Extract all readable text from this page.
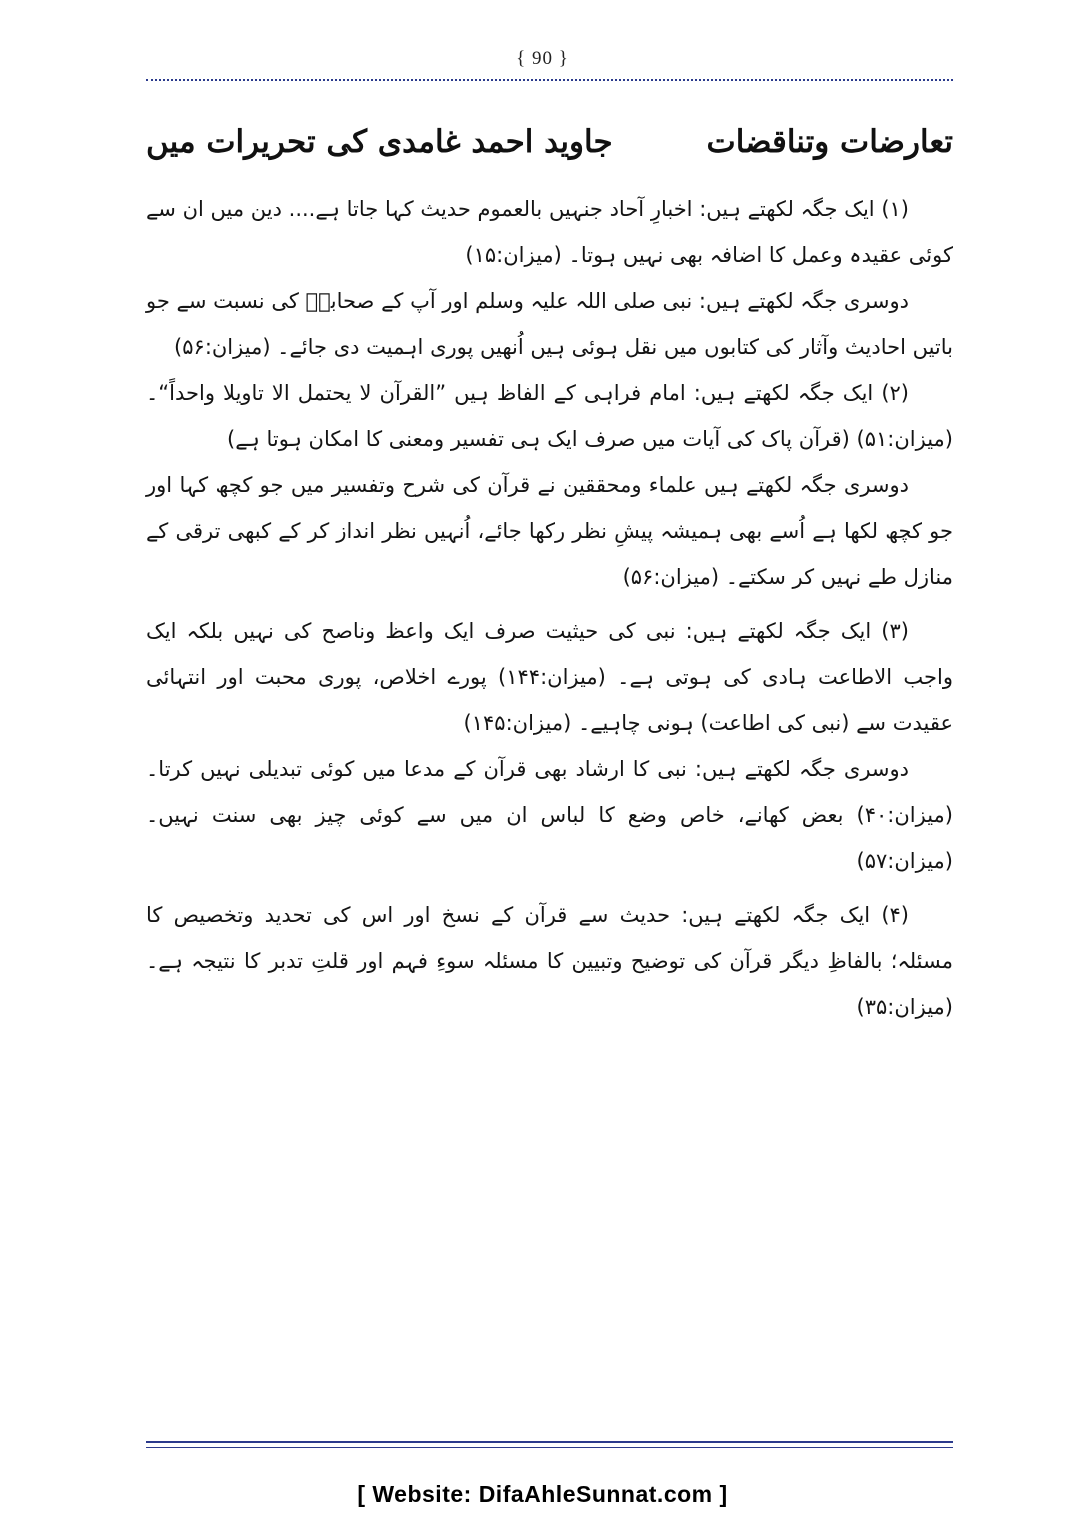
{ 90 }
تعارضات وتناقضات
جاوید احمد غامدی کی تحریرات میں

(۱) ایک جگہ لکھتے ہیں: اخبارِ آحاد جنہیں بالعموم حدیث کہا جاتا ہے.... دین میں ان سے کوئی عقیدہ وعمل کا اضافہ بھی نہیں ہوتا۔ (میزان:۱۵)

دوسری جگہ لکھتے ہیں: نبی صلی اللہ علیہ وسلم اور آپ کے صحابہؓ کی نسبت سے جو باتیں احادیث وآثار کی کتابوں میں نقل ہوئی ہیں اُنھیں پوری اہمیت دی جائے۔ (میزان:۵۶)

(۲) ایک جگہ لکھتے ہیں: امام فراہی کے الفاظ ہیں ”القرآن لا یحتمل الا تاویلا واحداً“۔ (میزان:۵۱) (قرآن پاک کی آیات میں صرف ایک ہی تفسیر ومعنی کا امکان ہوتا ہے)

دوسری جگہ لکھتے ہیں علماء ومحققین نے قرآن کی شرح وتفسیر میں جو کچھ کہا اور جو کچھ لکھا ہے اُسے بھی ہمیشہ پیشِ نظر رکھا جائے، اُنہیں نظر انداز کر کے کبھی ترقی کے منازل طے نہیں کر سکتے۔ (میزان:۵۶)

(۳) ایک جگہ لکھتے ہیں: نبی کی حیثیت صرف ایک واعظ وناصح کی نہیں بلکہ ایک واجب الاطاعت ہادی کی ہوتی ہے۔ (میزان:۱۴۴) پورے اخلاص، پوری محبت اور انتہائی عقیدت سے (نبی کی اطاعت) ہونی چاہیے۔ (میزان:۱۴۵)

دوسری جگہ لکھتے ہیں: نبی کا ارشاد بھی قرآن کے مدعا میں کوئی تبدیلی نہیں کرتا۔ (میزان:۴۰) بعض کھانے، خاص وضع کا لباس ان میں سے کوئی چیز بھی سنت نہیں۔ (میزان:۵۷)

(۴) ایک جگہ لکھتے ہیں: حدیث سے قرآن کے نسخ اور اس کی تحدید وتخصیص کا مسئلہ؛ بالفاظِ دیگر قرآن کی توضیح وتبیین کا مسئلہ سوءِ فہم اور قلتِ تدبر کا نتیجہ ہے۔ (میزان:۳۵)

[ Website: DifaAhleSunnat.com ]
